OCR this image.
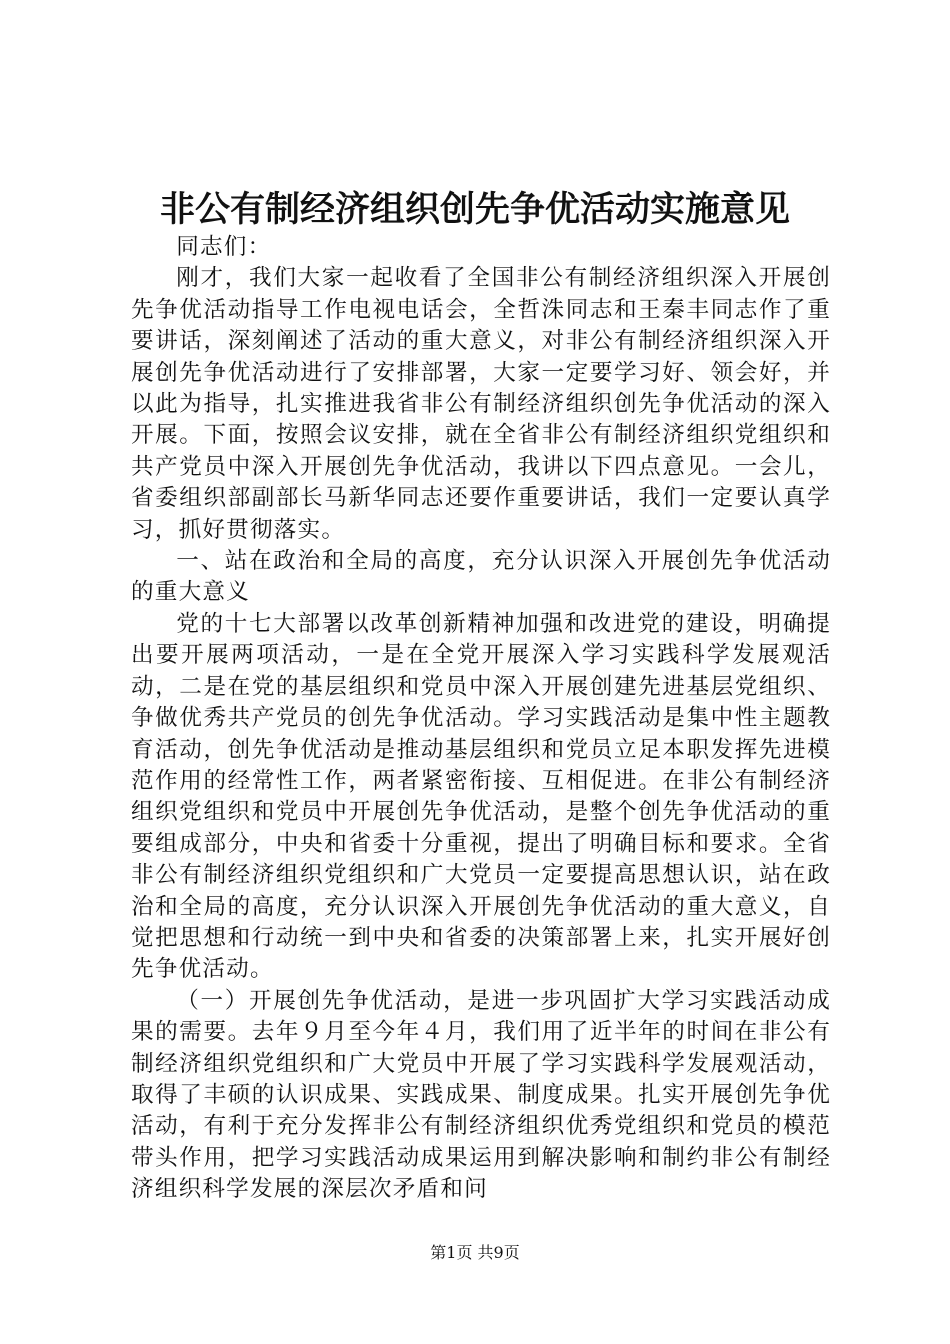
非公有制经济组织创先争优活动实施意见

同志们：

刚才，我们大家一起收看了全国非公有制经济组织深入开展创先争优活动指导工作电视电话会，全哲洙同志和王秦丰同志作了重要讲话，深刻阐述了活动的重大意义，对非公有制经济组织深入开展创先争优活动进行了安排部署，大家一定要学习好、领会好，并以此为指导，扎实推进我省非公有制经济组织创先争优活动的深入开展。下面，按照会议安排，就在全省非公有制经济组织党组织和共产党员中深入开展创先争优活动，我讲以下四点意见。一会儿，省委组织部副部长马新华同志还要作重要讲话，我们一定要认真学习，抓好贯彻落实。

一、站在政治和全局的高度，充分认识深入开展创先争优活动的重大意义

党的十七大部署以改革创新精神加强和改进党的建设，明确提出要开展两项活动，一是在全党开展深入学习实践科学发展观活动，二是在党的基层组织和党员中深入开展创建先进基层党组织、争做优秀共产党员的创先争优活动。学习实践活动是集中性主题教育活动，创先争优活动是推动基层组织和党员立足本职发挥先进模范作用的经常性工作，两者紧密衔接、互相促进。在非公有制经济组织党组织和党员中开展创先争优活动，是整个创先争优活动的重要组成部分，中央和省委十分重视，提出了明确目标和要求。全省非公有制经济组织党组织和广大党员一定要提高思想认识，站在政治和全局的高度，充分认识深入开展创先争优活动的重大意义，自觉把思想和行动统一到中央和省委的决策部署上来，扎实开展好创先争优活动。

（一）开展创先争优活动，是进一步巩固扩大学习实践活动成果的需要。去年９月至今年４月，我们用了近半年的时间在非公有制经济组织党组织和广大党员中开展了学习实践科学发展观活动，取得了丰硕的认识成果、实践成果、制度成果。扎实开展创先争优活动，有利于充分发挥非公有制经济组织优秀党组织和党员的模范带头作用，把学习实践活动成果运用到解决影响和制约非公有制经济组织科学发展的深层次矛盾和问

第1页 共9页
